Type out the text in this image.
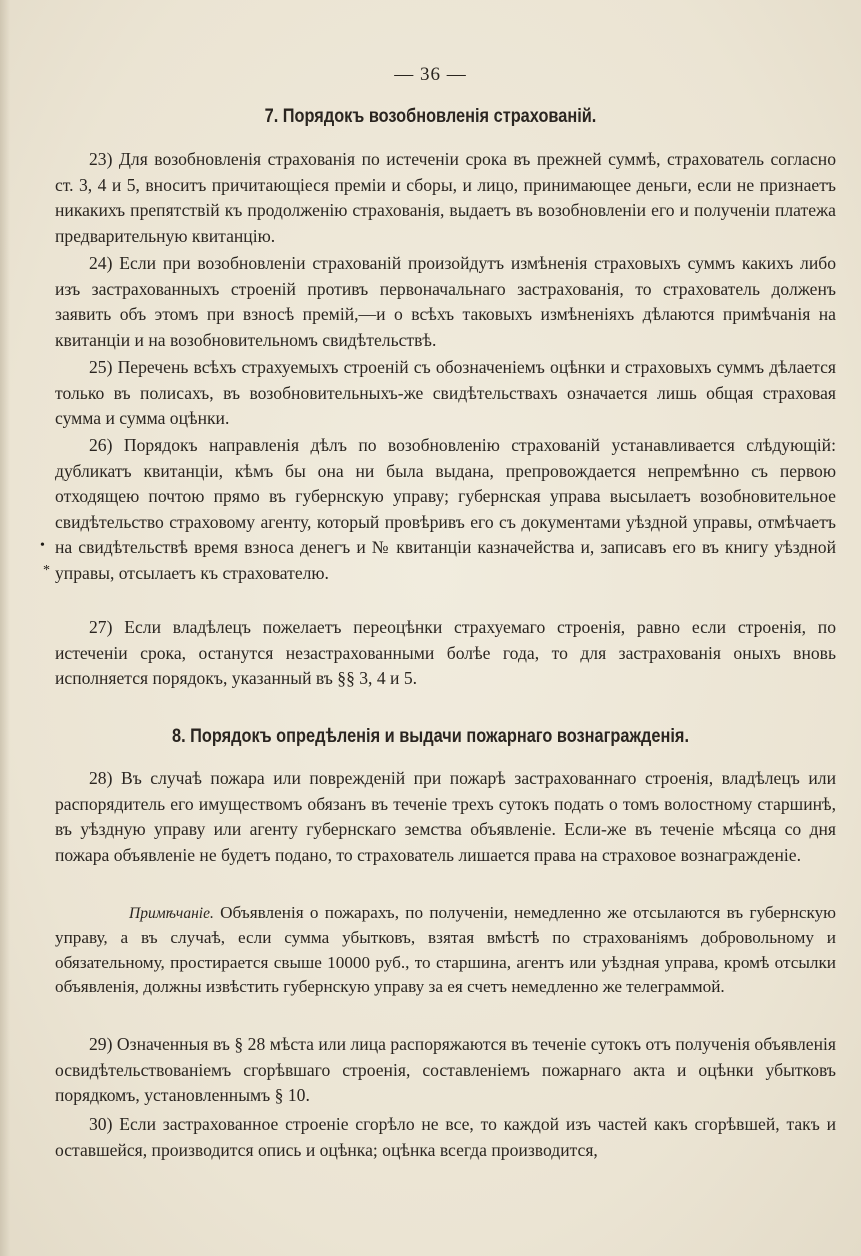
— 36 —
7. Порядокъ возобновленія страхованій.

23) Для возобновленія страхованія по истеченіи срока въ прежней суммѣ, страхователь согласно ст. 3, 4 и 5, вноситъ причитающіеся преміи и сборы, и лицо, принимающее деньги, если не признаетъ никакихъ препятствій къ продолженію страхованія, выдаетъ въ возобновленіи его и полученіи платежа предварительную квитанцію.

24) Если при возобновленіи страхованій произойдутъ измѣненія страховыхъ суммъ какихъ либо изъ застрахованныхъ строеній противъ первоначальнаго застрахованія, то страхователь долженъ заявить объ этомъ при взносѣ премій,—и о всѣхъ таковыхъ измѣненіяхъ дѣлаются примѣчанія на квитанціи и на возобновительномъ свидѣтельствѣ.

25) Перечень всѣхъ страхуемыхъ строеній съ обозначеніемъ оцѣнки и страховыхъ суммъ дѣлается только въ полисахъ, въ возобновительныхъ-же свидѣтельствахъ означается лишь общая страховая сумма и сумма оцѣнки.

26) Порядокъ направленія дѣлъ по возобновленію страхованій устанавливается слѣдующій: дубликатъ квитанціи, кѣмъ бы она ни была выдана, препровождается непремѣнно съ первою отходящею почтою прямо въ губернскую управу; губернская управа высылаетъ возобновительное свидѣтельство страховому агенту, который провѣривъ его съ документами уѣздной управы, отмѣчаетъ на свидѣтельствѣ время взноса денегъ и № квитанціи казначейства и, записавъ его въ книгу уѣздной управы, отсылаетъ къ страхователю.

27) Если владѣлецъ пожелаетъ переоцѣнки страхуемаго строенія, равно если строенія, по истеченіи срока, останутся незастрахованными болѣе года, то для застрахованія оныхъ вновь исполняется порядокъ, указанный въ §§ 3, 4 и 5.

8. Порядокъ опредѣленія и выдачи пожарнаго вознагражденія.

28) Въ случаѣ пожара или поврежденій при пожарѣ застрахованнаго строенія, владѣлецъ или распорядитель его имуществомъ обязанъ въ теченіе трехъ сутокъ подать о томъ волостному старшинѣ, въ уѣздную управу или агенту губернскаго земства объявленіе. Если-же въ теченіе мѣсяца со дня пожара объявленіе не будетъ подано, то страхователь лишается права на страховое вознагражденіе.

Примѣчаніе. Объявленія о пожарахъ, по полученіи, немедленно же отсылаются въ губернскую управу, а въ случаѣ, если сумма убытковъ, взятая вмѣстѣ по страхованіямъ добровольному и обязательному, простирается свыше 10000 руб., то старшина, агентъ или уѣздная управа, кромѣ отсылки объявленія, должны извѣстить губернскую управу за ея счетъ немедленно же телеграммой.

29) Означенныя въ § 28 мѣста или лица распоряжаются въ теченіе сутокъ отъ полученія объявленія освидѣтельствованіемъ сгорѣвшаго строенія, составленіемъ пожарнаго акта и оцѣнки убытковъ порядкомъ, установленнымъ § 10.

30) Если застрахованное строеніе сгорѣло не все, то каждой изъ частей какъ сгорѣвшей, такъ и оставшейся, производится опись и оцѣнка; оцѣнка всегда производится,

•
*
